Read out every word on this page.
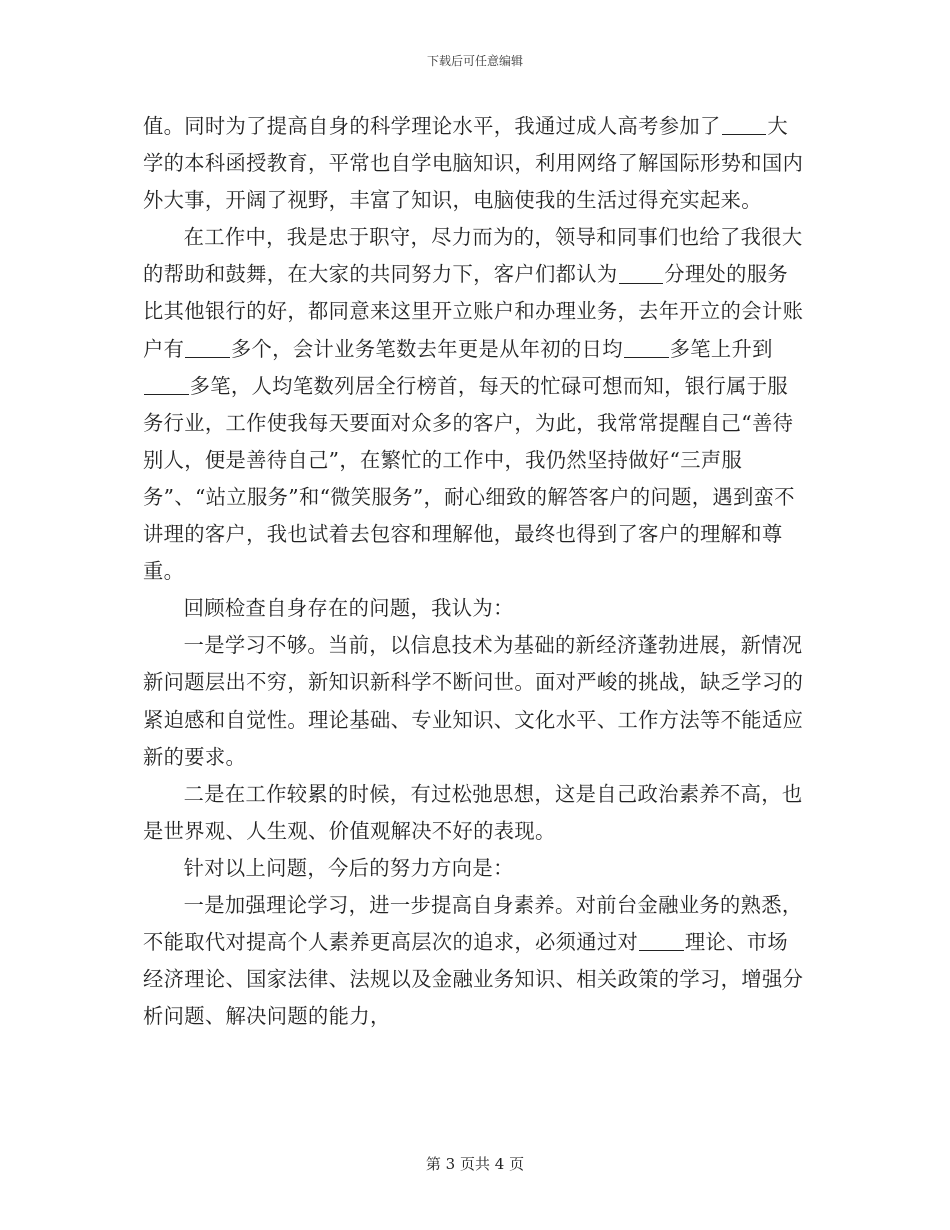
下载后可任意编辑

值。同时为了提高自身的科学理论水平，我通过成人高考参加了 大学的本科函授教育，平常也自学电脑知识，利用网络了解国际形势和国内外大事，开阔了视野，丰富了知识，电脑使我的生活过得充实起来。

在工作中，我是忠于职守，尽力而为的，领导和同事们也给了我很大的帮助和鼓舞，在大家的共同努力下，客户们都认为 分理处的服务比其他银行的好，都同意来这里开立账户和办理业务，去年开立的会计账户有 多个，会计业务笔数去年更是从年初的日均 多笔上升到多笔，人均笔数列居全行榜首，每天的忙碌可想而知，银行属于服务行业，工作使我每天要面对众多的客户，为此，我常常提醒自己“善待别人，便是善待自己”，在繁忙的工作中，我仍然坚持做好“三声服务”、“站立服务”和“微笑服务”，耐心细致的解答客户的问题，遇到蛮不讲理的客户，我也试着去包容和理解他，最终也得到了客户的理解和尊重。

回顾检查自身存在的问题，我认为：

一是学习不够。当前，以信息技术为基础的新经济蓬勃进展，新情况新问题层出不穷，新知识新科学不断问世。面对严峻的挑战，缺乏学习的紧迫感和自觉性。理论基础、专业知识、文化水平、工作方法等不能适应新的要求。

二是在工作较累的时候，有过松弛思想，这是自己政治素养不高，也是世界观、人生观、价值观解决不好的表现。

针对以上问题，今后的努力方向是：

一是加强理论学习，进一步提高自身素养。对前台金融业务的熟悉，不能取代对提高个人素养更高层次的追求，必须通过对 理论、市场经济理论、国家法律、法规以及金融业务知识、相关政策的学习，增强分析问题、解决问题的能力，

第 3 页共 4 页
